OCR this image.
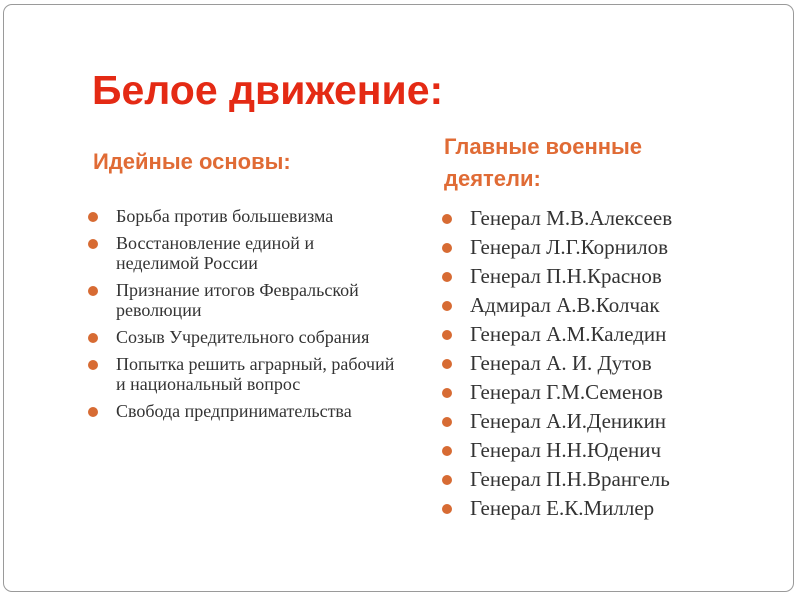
Белое движение:
Идейные основы:
Главные военные деятели:
Борьба против большевизма
Восстановление единой и неделимой России
Признание итогов Февральской революции
Созыв Учредительного собрания
Попытка решить аграрный, рабочий и национальный вопрос
Свобода предпринимательства
Генерал М.В.Алексеев
Генерал Л.Г.Корнилов
Генерал П.Н.Краснов
Адмирал А.В.Колчак
Генерал А.М.Каледин
Генерал А. И. Дутов
Генерал Г.М.Семенов
Генерал А.И.Деникин
Генерал Н.Н.Юденич
Генерал П.Н.Врангель
Генерал Е.К.Миллер
